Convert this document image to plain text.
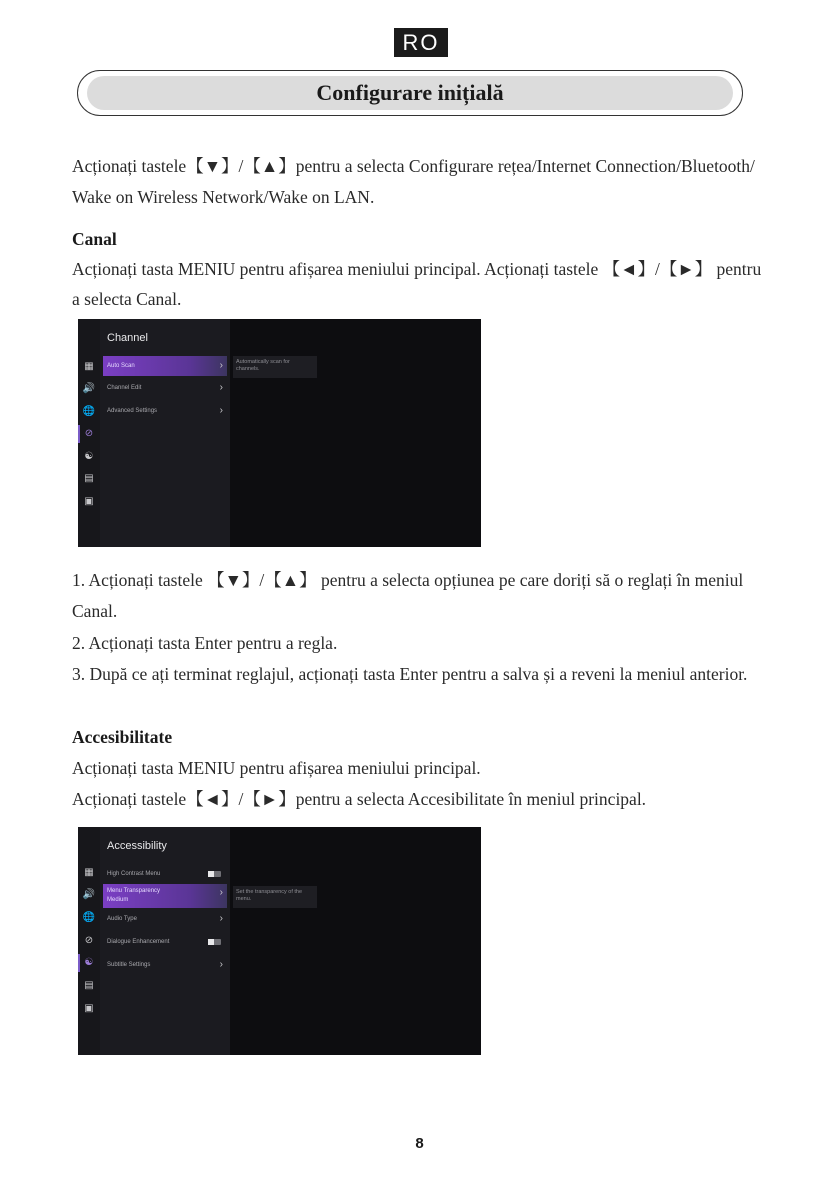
RO
Configurare inițială

Acționați tastele【▼】/【▲】pentru a selecta Configurare rețea/Internet Connection/Bluetooth/

Wake on Wireless Network/Wake on LAN.

Canal

Acționați tasta MENIU pentru afișarea meniului principal. Acționați tastele 【◄】/【►】 pentru

a selecta Canal.

Channel
▦
🔊
🌐
⊘
☯
▤
▣
Auto Scan	›
Channel Edit	›
Advanced Settings	›
Automatically scan for channels.

1. Acționați tastele 【▼】/【▲】 pentru a selecta opțiunea pe care doriți să o reglați în meniul

Canal.

2. Acționați tasta Enter pentru a regla.

3. După ce ați terminat reglajul, acționați tasta Enter pentru a salva și a reveni la meniul anterior.

Accesibilitate

Acționați tasta MENIU pentru afișarea meniului principal.

Acționați tastele【◄】/【►】pentru a selecta Accesibilitate în meniul principal.

Accessibility
▦
🔊
🌐
⊘
☯
▤
▣
High Contrast Menu
Menu Transparency
Medium
›
Audio Type	›
Dialogue Enhancement
Subtitle Settings	›
Set the transparency of the menu.
8
